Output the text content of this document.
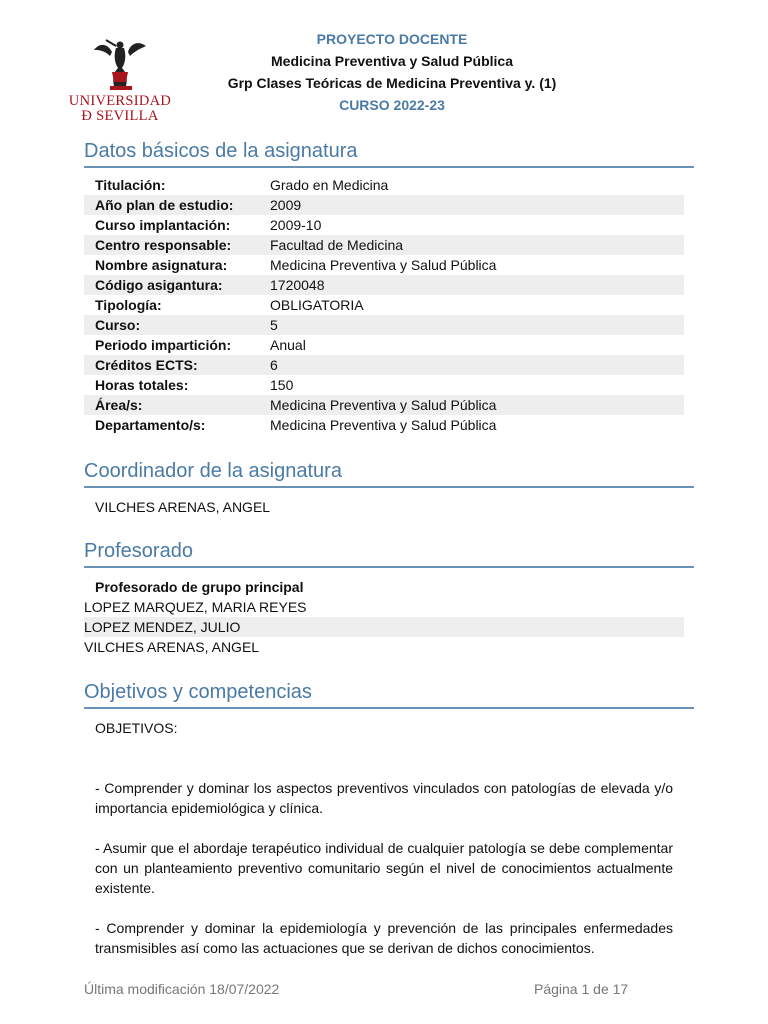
UNIVERSIDAD
Ð SEVILLA
PROYECTO DOCENTE
Medicina Preventiva y Salud Pública
Grp Clases Teóricas de Medicina Preventiva y. (1)
CURSO 2022-23
Datos básicos de la asignatura
Titulación:	Grado en Medicina
Año plan de estudio:	2009
Curso implantación:	2009-10
Centro responsable:	Facultad de Medicina
Nombre asignatura:	Medicina Preventiva y Salud Pública
Código asigantura:	1720048
Tipología:	OBLIGATORIA
Curso:	5
Periodo impartición:	Anual
Créditos ECTS:	6
Horas totales:	150
Área/s:	Medicina Preventiva y Salud Pública
Departamento/s:	Medicina Preventiva y Salud Pública
Coordinador de la asignatura
VILCHES ARENAS, ANGEL
Profesorado
Profesorado de grupo principal
LOPEZ MARQUEZ, MARIA REYES
LOPEZ MENDEZ, JULIO
VILCHES ARENAS, ANGEL
Objetivos y competencias
OBJETIVOS:
- Comprender y dominar los aspectos preventivos vinculados con patologías de elevada y/o importancia epidemiológica y clínica.
- Asumir que el abordaje terapéutico individual de cualquier patología se debe complementar con un planteamiento preventivo comunitario según el nivel de conocimientos actualmente existente.
- Comprender y dominar la epidemiología y prevención de las principales enfermedades transmisibles así como las actuaciones que se derivan de dichos conocimientos.
Última modificación 18/07/2022	Página 1 de 17
